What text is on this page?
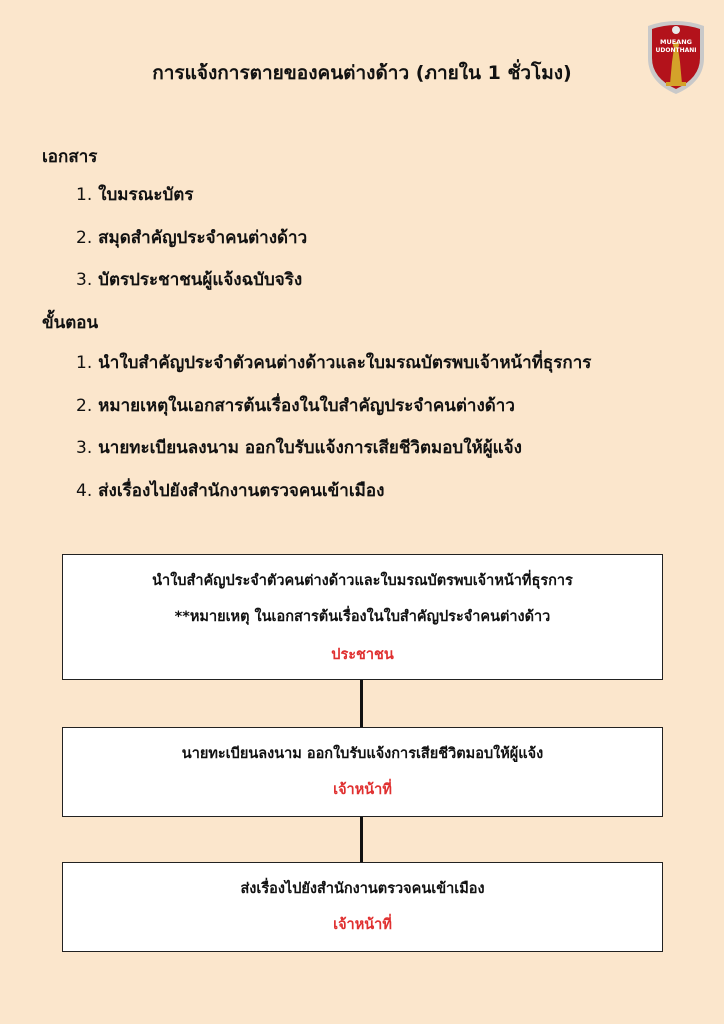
การแจ้งการตายของคนต่างด้าว (ภายใน 1 ชั่วโมง)
MUEANG
UDONTHANI
เอกสาร
1. ใบมรณะบัตร
2. สมุดสำคัญประจำคนต่างด้าว
3. บัตรประชาชนผู้แจ้งฉบับจริง
ขั้นตอน
1. นำใบสำคัญประจำตัวคนต่างด้าวและใบมรณบัตรพบเจ้าหน้าที่ธุรการ
2. หมายเหตุในเอกสารต้นเรื่องในใบสำคัญประจำคนต่างด้าว
3. นายทะเบียนลงนาม ออกใบรับแจ้งการเสียชีวิตมอบให้ผู้แจ้ง
4. ส่งเรื่องไปยังสำนักงานตรวจคนเข้าเมือง
นำใบสำคัญประจำตัวคนต่างด้าวและใบมรณบัตรพบเจ้าหน้าที่ธุรการ
**หมายเหตุ ในเอกสารต้นเรื่องในใบสำคัญประจำคนต่างด้าว
ประชาชน
นายทะเบียนลงนาม ออกใบรับแจ้งการเสียชีวิตมอบให้ผู้แจ้ง
เจ้าหน้าที่
ส่งเรื่องไปยังสำนักงานตรวจคนเข้าเมือง
เจ้าหน้าที่
